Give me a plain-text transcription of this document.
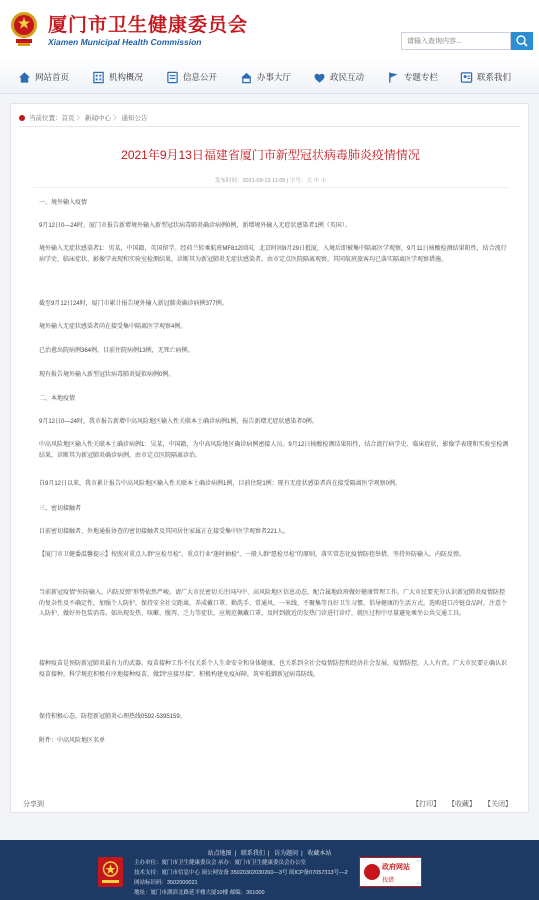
厦门市卫生健康委员会
Xiamen Municipal Health Commission
请输入查询内容...
网站首页	机构概况	信息公开	办事大厅	政民互动	专题专栏	联系我们
当前位置： 首页 〉 新闻中心 〉 通知公告
2021年9月13日福建省厦门市新型冠状病毒肺炎疫情情况
发布时间：2021-09-13 11:05 | 字号：大 中 小
一、境外输入疫情
9月12日0—24时，厦门市报告新增境外输入新型冠状病毒肺炎确诊病例0例，新增境外输入无症状感染者1例（英国）。
境外输入无症状感染者1：男某，中国籍，英国留学。经荷兰转乘航班MF812回国，北京时间8月29日抵厦，入境后即被集中隔离医学观察，9月11日核酸检测结果阳性，结合流行病学史、临床症状、影像学表现和实验室检测结果，诊断其为新冠肺炎无症状感染者，由市定点医院隔离观察。其同航班旅客均已落实隔离医学观察措施。
截至9月12日24时，厦门市累计报告境外输入新冠肺炎确诊病例377例。
境外输入无症状感染者尚在接受集中隔离医学观察4例。
已治愈出院病例364例，目前住院病例13例，无死亡病例。
现有报告境外输入新型冠状病毒肺炎疑似病例0例。
二、本地疫情
9月12日0—24时，我市报告新增中高风险地区输入性关联本土确诊病例1例，报告新增无症状感染者0例。
中高风险地区输入性关联本土确诊病例1：吴某，中国籍，为中高风险地区确诊病例密接人员。9月12日核酸检测结果阳性，结合流行病学史、临床症状、影像学表现和实验室检测结果，诊断其为新冠肺炎确诊病例，由市定点医院隔离诊治。
自9月12日以来，我市累计报告中高风险地区输入性关联本土确诊病例1例，目前住院1例；现有无症状感染者尚在接受隔离医学观察0例。
三、密切接触者
目前密切接触者、外地通报协查的密切接触者及其同居住家属正在接受集中医学观察者221人。
【厦门市卫健委温馨提示】按照对重点人群“应检尽检”、重点行业“逢时抽检”、一般人群“愿检尽检”的原则，落实常态化疫情防控举措，坚持外防输入、内防反弹。
当前新冠疫情“外防输入、内防反弹”形势依然严峻。请广大市民密切关注国内中、高风险地区信息动态，配合属地政府做好健康管理工作。广大市民要充分认识新冠肺炎疫情防控的复杂性及不确定性，加强个人防护，保持安全社交距离，养成戴口罩、勤洗手、常通风、一米线、不聚集等良好卫生习惯，倡导健康的生活方式。选购进口冷链食品时，注意个人防护，做好外包装消毒。如出现发热、咳嗽、腹泻、乏力等症状，应规范佩戴口罩，及时到就近的发热门诊进行诊疗，就医过程中尽量避免乘坐公共交通工具。
接种疫苗是预防新冠肺炎最有力的武器。疫苗接种工作不仅关系个人生命安全和身体健康，也关系到全社会疫情防控和经济社会发展，疫情防控，人人有责。广大市民要正确认识疫苗接种，科学规范积极有序地接种疫苗，做到“应接尽接”，积极构建免疫屏障，筑牢抵御新冠病毒防线。
保持积极心态，防控新冠肺炎心理热线0592-5395159。
附件：中高风险地区名单
分享到	【打印】 【收藏】 【关闭】
站点地图 | 联系我们 | 访为题问 | 收藏本站
主办单位：厦门市卫生健康委员会 承办：厦门市卫生健康委员会办公室
技术支持：厦门市信息中心 闽公网安备 35020302030260—3号 闽ICP备07057313号—2
网站标识码：3502000021
地址：厦门市湖滨北路延平楼大厦10楼 邮编：361000
政府网站
找错
